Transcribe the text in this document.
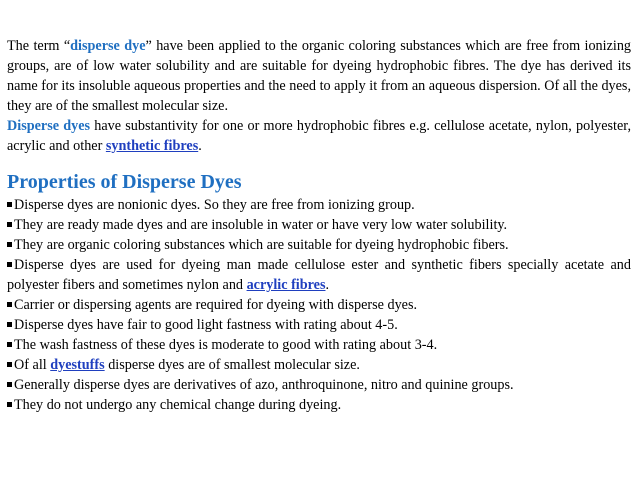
The term “disperse dye” have been applied to the organic coloring substances which are free from ionizing groups, are of low water solubility and are suitable for dyeing hydrophobic fibres. The dye has derived its name for its insoluble aqueous properties and the need to apply it from an aqueous dispersion. Of all the dyes, they are of the smallest molecular size.

Disperse dyes have substantivity for one or more hydrophobic fibres e.g. cellulose acetate, nylon, polyester, acrylic and other synthetic fibres.

Properties of Disperse Dyes
Disperse dyes are nonionic dyes. So they are free from ionizing group.
They are ready made dyes and are insoluble in water or have very low water solubility.
They are organic coloring substances which are suitable for dyeing hydrophobic fibers.
Disperse dyes are used for dyeing man made cellulose ester and synthetic fibers specially acetate and polyester fibers and sometimes nylon and acrylic fibres.
Carrier or dispersing agents are required for dyeing with disperse dyes.
Disperse dyes have fair to good light fastness with rating about 4-5.
The wash fastness of these dyes is moderate to good with rating about 3-4.
Of all dyestuffs disperse dyes are of smallest molecular size.
Generally disperse dyes are derivatives of azo, anthroquinone, nitro and quinine groups.
They do not undergo any chemical change during dyeing.
